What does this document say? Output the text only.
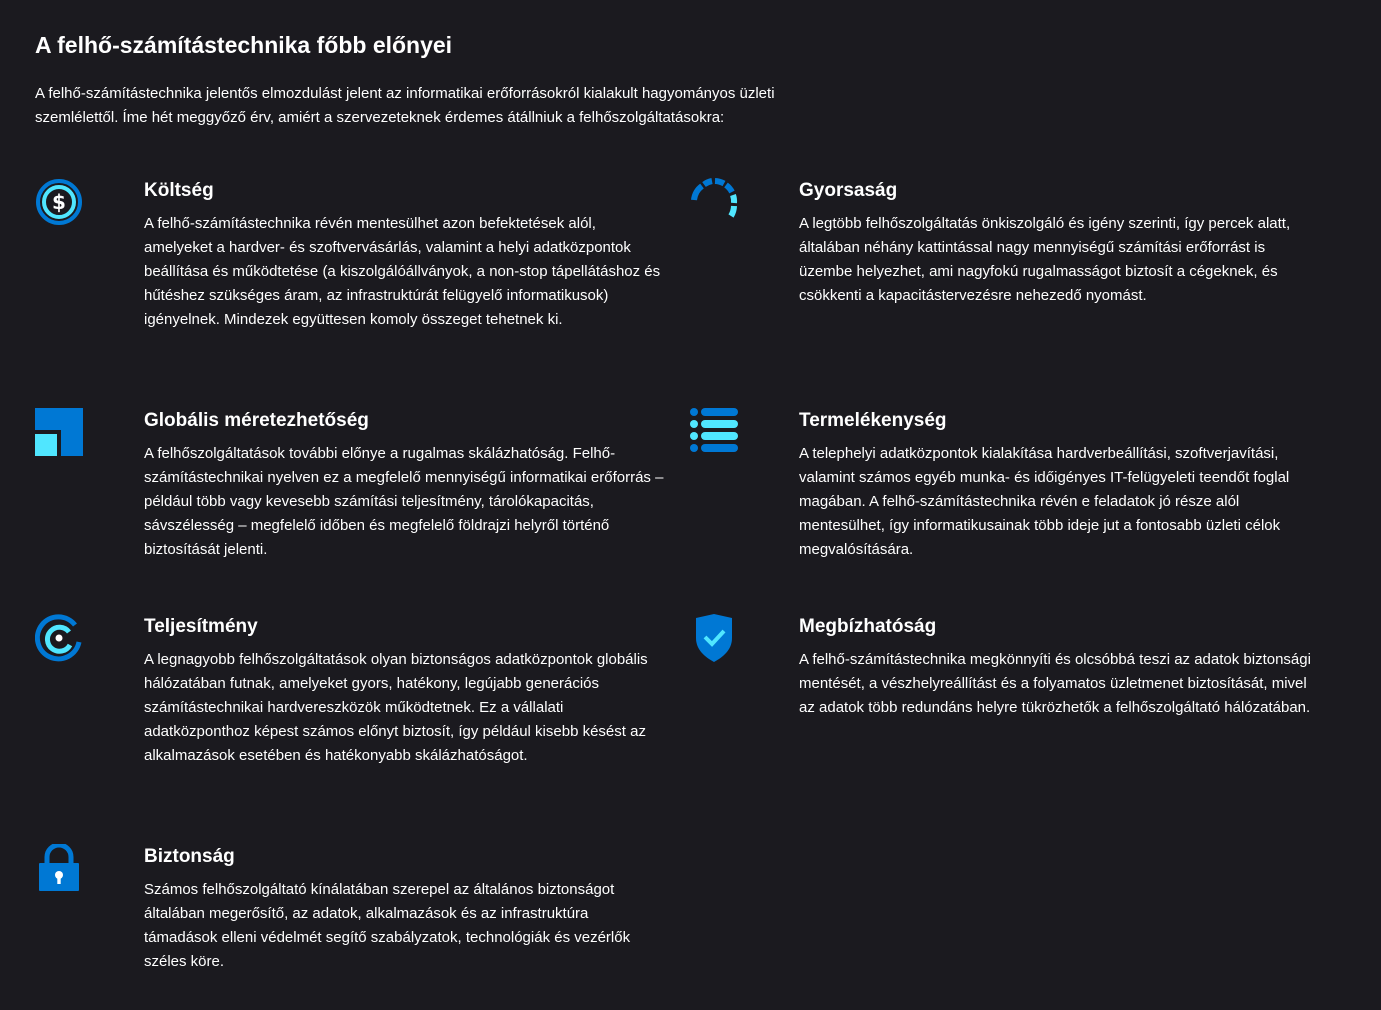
A felhő-számítástechnika főbb előnyei

A felhő-számítástechnika jelentős elmozdulást jelent az informatikai erőforrásokról kialakult hagyományos üzleti szemlélettől. Íme hét meggyőző érv, amiért a szervezeteknek érdemes átállniuk a felhőszolgáltatásokra:

$	Költség

A felhő-számítástechnika révén mentesülhet azon befektetések alól, amelyeket a hardver- és szoftvervásárlás, valamint a helyi adatközpontok beállítása és működtetése (a kiszolgálóállványok, a non-stop tápellátáshoz és hűtéshez szükséges áram, az infrastruktúrát felügyelő informatikusok) igényelnek. Mindezek együttesen komoly összeget tehetnek ki.

Gyorsaság

A legtöbb felhőszolgáltatás önkiszolgáló és igény szerinti, így percek alatt, általában néhány kattintással nagy mennyiségű számítási erőforrást is üzembe helyezhet, ami nagyfokú rugalmasságot biztosít a cégeknek, és csökkenti a kapacitástervezésre nehezedő nyomást.

Globális méretezhetőség

A felhőszolgáltatások további előnye a rugalmas skálázhatóság. Felhő-számítástechnikai nyelven ez a megfelelő mennyiségű informatikai erőforrás – például több vagy kevesebb számítási teljesítmény, tárolókapacitás, sávszélesség – megfelelő időben és megfelelő földrajzi helyről történő biztosítását jelenti.

Termelékenység

A telephelyi adatközpontok kialakítása hardverbeállítási, szoftverjavítási, valamint számos egyéb munka- és időigényes IT-felügyeleti teendőt foglal magában. A felhő-számítástechnika révén e feladatok jó része alól mentesülhet, így informatikusainak több ideje jut a fontosabb üzleti célok megvalósítására.

Teljesítmény

A legnagyobb felhőszolgáltatások olyan biztonságos adatközpontok globális hálózatában futnak, amelyeket gyors, hatékony, legújabb generációs számítástechnikai hardvereszközök működtetnek. Ez a vállalati adatközponthoz képest számos előnyt biztosít, így például kisebb késést az alkalmazások esetében és hatékonyabb skálázhatóságot.

Megbízhatóság

A felhő-számítástechnika megkönnyíti és olcsóbbá teszi az adatok biztonsági mentését, a vészhelyreállítást és a folyamatos üzletmenet biztosítását, mivel az adatok több redundáns helyre tükrözhetők a felhőszolgáltató hálózatában.

Biztonság

Számos felhőszolgáltató kínálatában szerepel az általános biztonságot általában megerősítő, az adatok, alkalmazások és az infrastruktúra támadások elleni védelmét segítő szabályzatok, technológiák és vezérlők széles köre.
